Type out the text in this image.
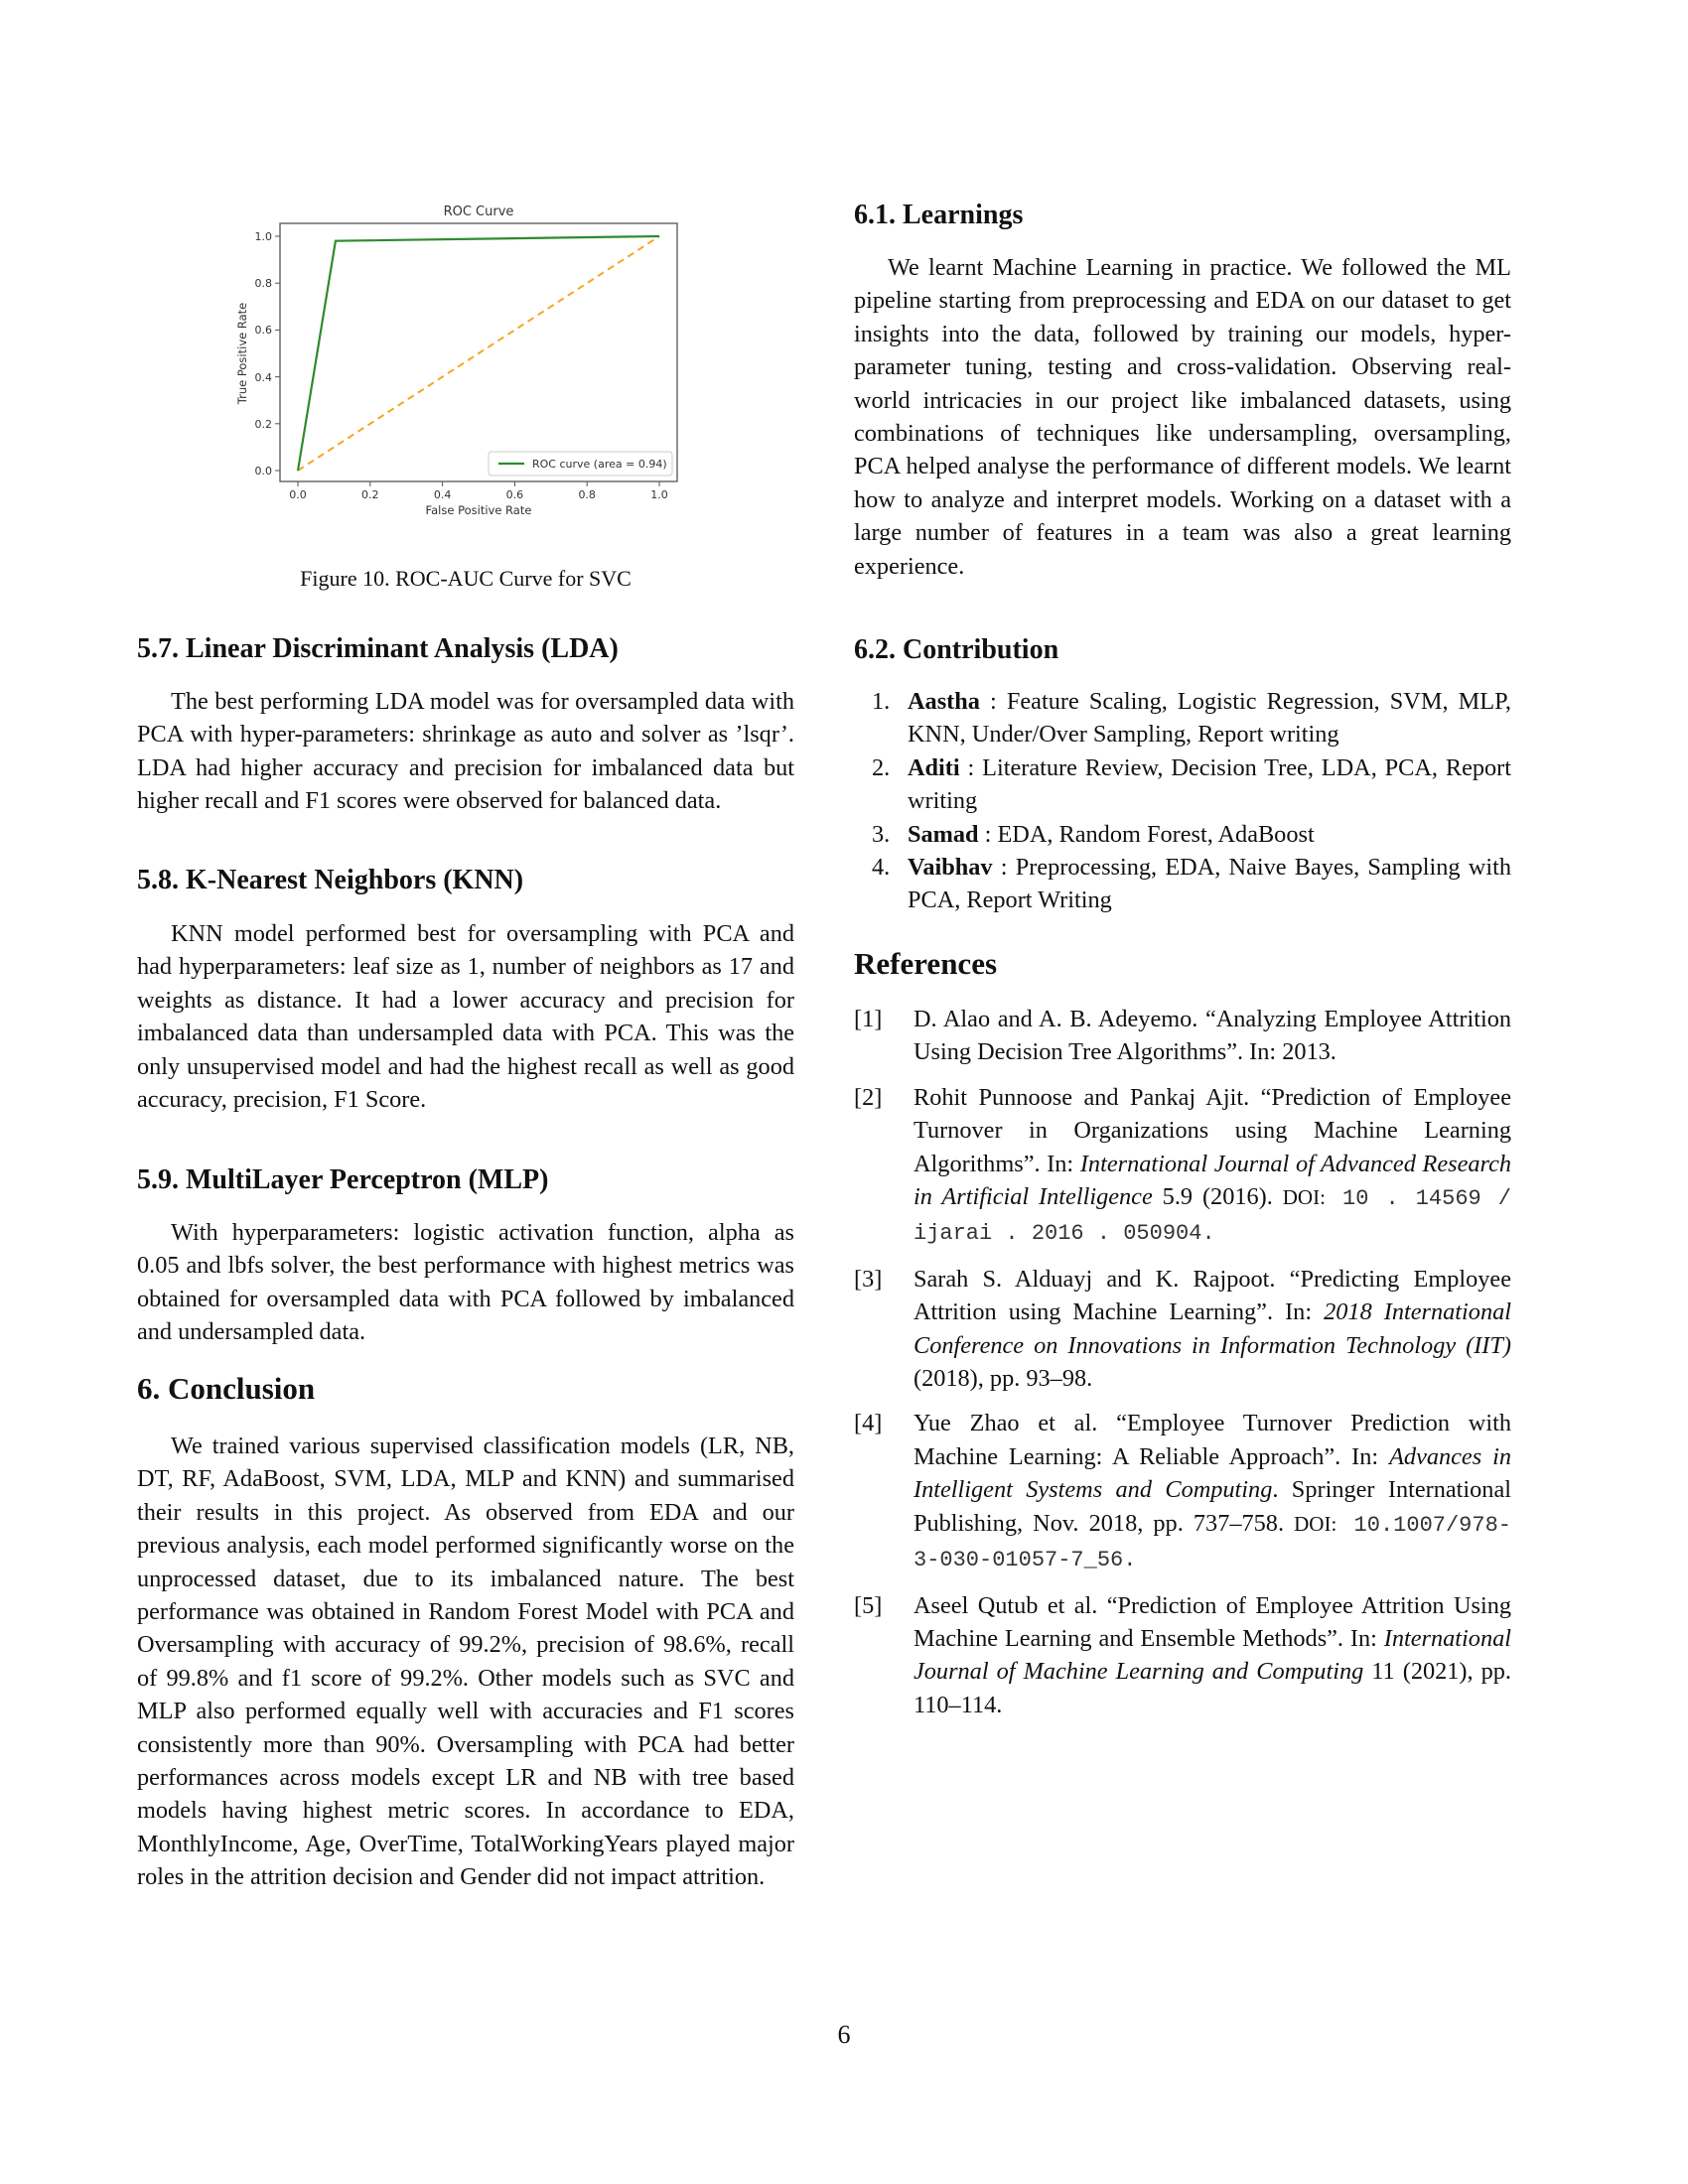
ROC Curve
0.0
0.2
0.4
0.6
0.8
1.0
0.0	0.2	0.4	0.6	0.8	1.0
False Positive Rate
True Positive Rate
ROC curve (area = 0.94)
Figure 10. ROC-AUC Curve for SVC
5.7. Linear Discriminant Analysis (LDA)

The best performing LDA model was for oversampled data with PCA with hyper-parameters: shrinkage as auto and solver as ’lsqr’. LDA had higher accuracy and precision for imbalanced data but higher recall and F1 scores were observed for balanced data.

5.8. K-Nearest Neighbors (KNN)

KNN model performed best for oversampling with PCA and had hyperparameters: leaf size as 1, number of neighbors as 17 and weights as distance. It had a lower accuracy and precision for imbalanced data than undersampled data with PCA. This was the only unsupervised model and had the highest recall as well as good accuracy, precision, F1 Score.

5.9. MultiLayer Perceptron (MLP)

With hyperparameters: logistic activation function, alpha as 0.05 and lbfs solver, the best performance with highest metrics was obtained for oversampled data with PCA followed by imbalanced and undersampled data.

6. Conclusion

We trained various supervised classification models (LR, NB, DT, RF, AdaBoost, SVM, LDA, MLP and KNN) and summarised their results in this project. As observed from EDA and our previous analysis, each model performed significantly worse on the unprocessed dataset, due to its imbalanced nature. The best performance was obtained in Random Forest Model with PCA and Oversampling with accuracy of 99.2%, precision of 98.6%, recall of 99.8% and f1 score of 99.2%. Other models such as SVC and MLP also performed equally well with accuracies and F1 scores consistently more than 90%. Oversampling with PCA had better performances across models except LR and NB with tree based models having highest metric scores. In accordance to EDA, MonthlyIncome, Age, OverTime, TotalWorkingYears played major roles in the attrition decision and Gender did not impact attrition.

6.1. Learnings

We learnt Machine Learning in practice. We followed the ML pipeline starting from preprocessing and EDA on our dataset to get insights into the data, followed by training our models, hyper-parameter tuning, testing and cross-validation. Observing real-world intricacies in our project like imbalanced datasets, using combinations of techniques like undersampling, oversampling, PCA helped analyse the performance of different models. We learnt how to analyze and interpret models. Working on a dataset with a large number of features in a team was also a great learning experience.

6.2. Contribution
1. Aastha : Feature Scaling, Logistic Regression, SVM, MLP, KNN, Under/Over Sampling, Report writing
2. Aditi : Literature Review, Decision Tree, LDA, PCA, Report writing
3. Samad : EDA, Random Forest, AdaBoost
4. Vaibhav : Preprocessing, EDA, Naive Bayes, Sampling with PCA, Report Writing
References
[1] D. Alao and A. B. Adeyemo. “Analyzing Employee Attrition Using Decision Tree Algorithms”. In: 2013.

[2] Rohit Punnoose and Pankaj Ajit. “Prediction of Employee Turnover in Organizations using Machine Learning Algorithms”. In: International Journal of Advanced Research in Artificial Intelligence 5.9 (2016). DOI: 10 . 14569 / ijarai . 2016 . 050904.

[3] Sarah S. Alduayj and K. Rajpoot. “Predicting Employee Attrition using Machine Learning”. In: 2018 International Conference on Innovations in Information Technology (IIT) (2018), pp. 93–98.

[4] Yue Zhao et al. “Employee Turnover Prediction with Machine Learning: A Reliable Approach”. In: Advances in Intelligent Systems and Computing. Springer International Publishing, Nov. 2018, pp. 737–758. DOI: 10.1007/978-3-030-01057-7_56.

[5] Aseel Qutub et al. “Prediction of Employee Attrition Using Machine Learning and Ensemble Methods”. In: International Journal of Machine Learning and Computing 11 (2021), pp. 110–114.

6
